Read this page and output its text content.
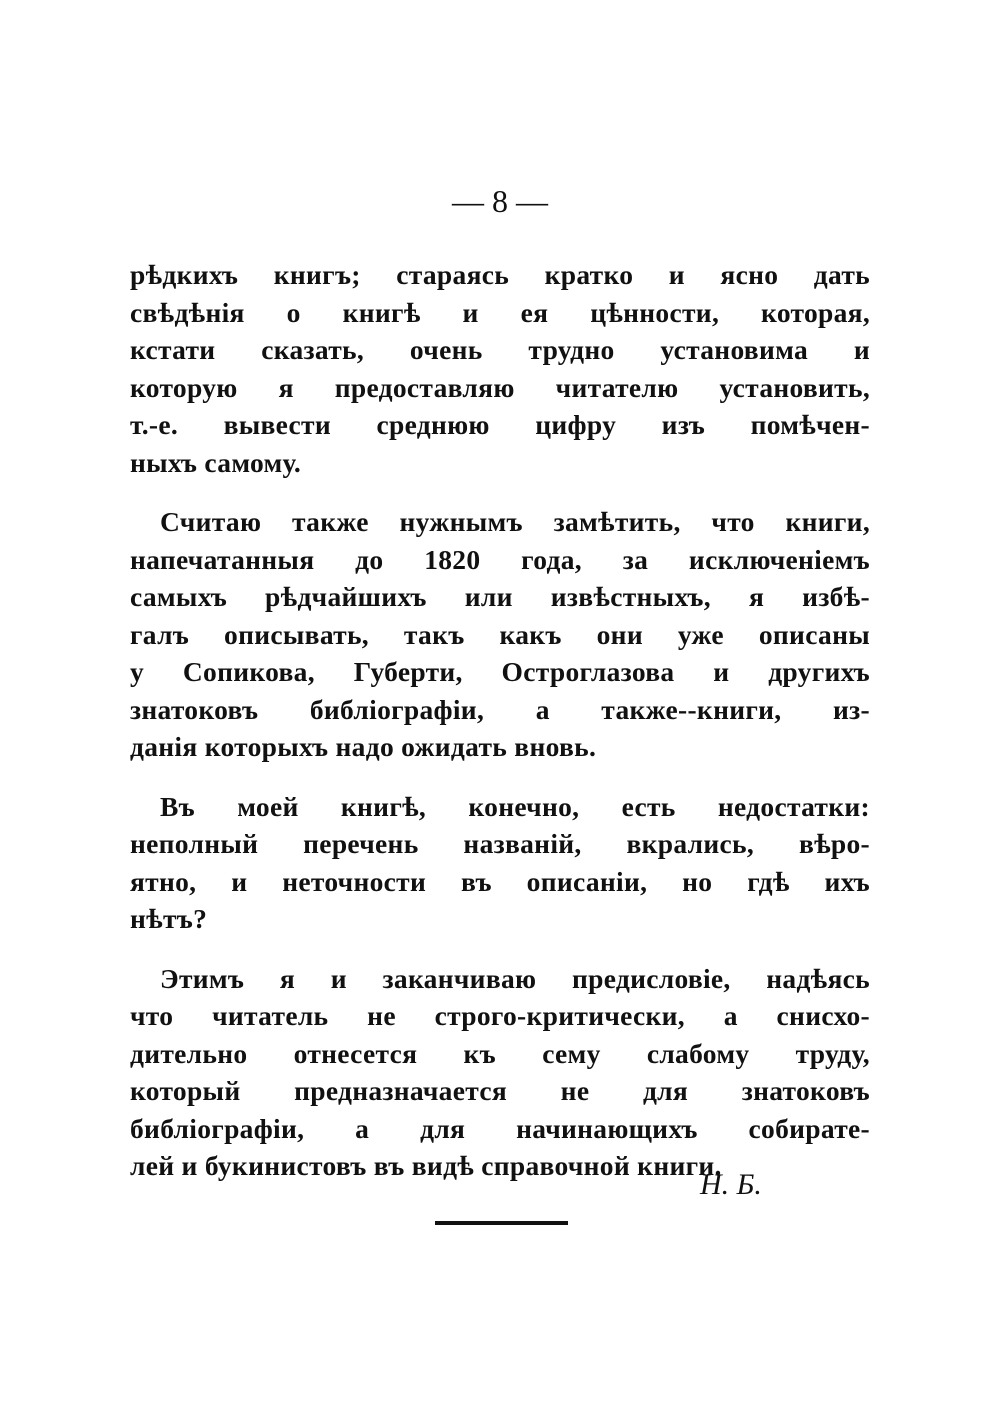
— 8 —
рѣдкихъ книгъ; стараясь кратко и ясно дать
свѣдѣнія о книгѣ и ея цѣнности, которая,
кстати сказать, очень трудно установима и
которую я предоставляю читателю установить,
т.-е. вывести среднюю цифру изъ помѣчен-
ныхъ самому.
Считаю также нужнымъ замѣтить, что книги,
напечатанныя до 1820 года, за исключеніемъ
самыхъ рѣдчайшихъ или извѣстныхъ, я избѣ-
галъ описывать, такъ какъ они уже описаны
у Сопикова, Губерти, Остроглазова и другихъ
знатоковъ библіографіи, а также--книги, из-
данія которыхъ надо ожидать вновь.
Въ моей книгѣ, конечно, есть недостатки:
неполный перечень названій, вкрались, вѣро-
ятно, и неточности въ описаніи, но гдѣ ихъ
нѣтъ?
Этимъ я и заканчиваю предисловіе, надѣясь
что читатель не строго-критически, а снисхо-
дительно отнесется къ сему слабому труду,
который предназначается не для знатоковъ
библіографіи, а для начинающихъ собирате-
лей и букинистовъ въ видѣ справочной книги.
Н. Б.
